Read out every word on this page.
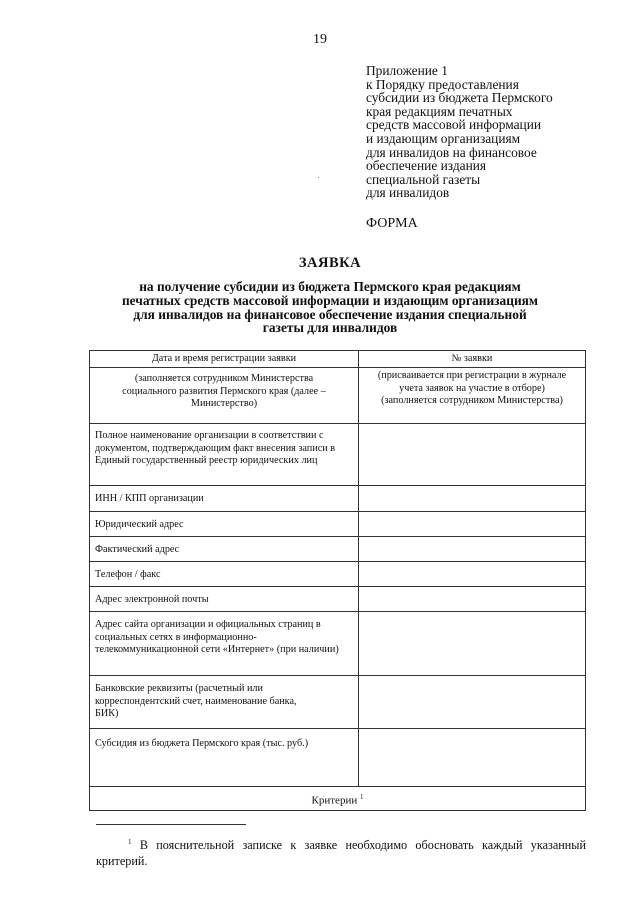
19
Приложение 1
к Порядку предоставления
субсидии из бюджета Пермского
края редакциям печатных
средств массовой информации
и издающим организациям
для инвалидов на финансовое
обеспечение издания
специальной газеты
для инвалидов
ФОРМА
ЗАЯВКА
на получение субсидии из бюджета Пермского края редакциям
печатных средств массовой информации и издающим организациям
для инвалидов на финансовое обеспечение издания специальной
газеты для инвалидов
Дата и время регистрации заявки	№ заявки
(заполняется сотрудником Министерства социального развития Пермского края (далее – Министерство)	(присваивается при регистрации в журнале учета заявок на участие в отборе) (заполняется сотрудником Министерства)
Полное наименование организации в соответствии с документом, подтверждающим факт внесения записи в Единый государственный реестр юридических лиц	
ИНН / КПП организации	
Юридический адрес	
Фактический адрес	
Телефон / факс	
Адрес электронной почты	
Адрес сайта организации и официальных страниц в социальных сетях в информационно-телекоммуникационной сети «Интернет» (при наличии)	
Банковские реквизиты (расчетный или корреспондентский счет, наименование банка, БИК)	
Субсидия из бюджета Пермского края (тыс. руб.)	
Критерии $^1$
$^1$ В пояснительной записке к заявке необходимо обосновать каждый указанный
критерий.
